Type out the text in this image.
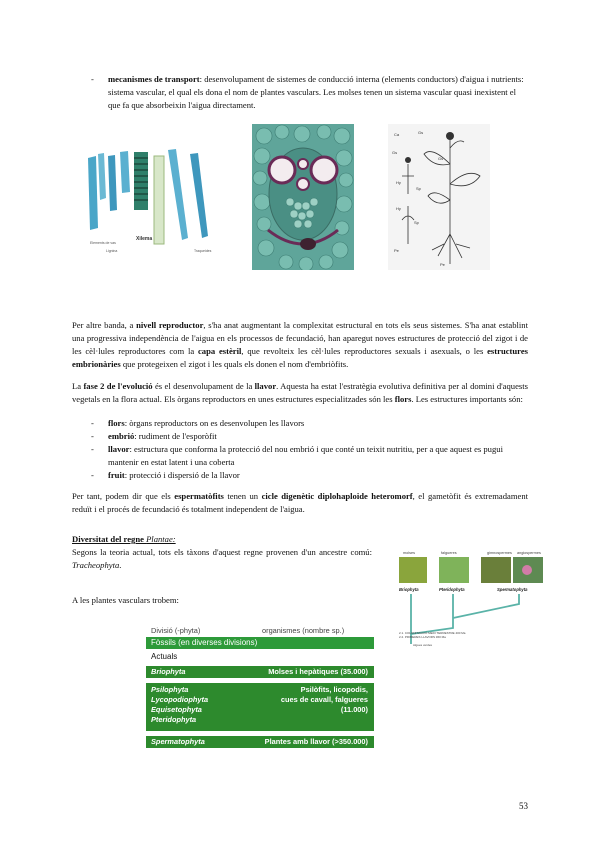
- mecanismes de transport: desenvolupament de sistemes de conducció interna (elements conductors) d'aigua i nutrients: sistema vascular, el qual els dona el nom de plantes vasculars. Les molses tenen un sistema vascular quasi inexistent el que fa que absorbeixin l'aigua directament.
Elements de vas
Lignina
Xilema
Traqueides
Ca	Gs
Gs
Gs
Hy
Sp
Hy
Sp
Pe
Pe
Per altre banda, a nivell reproductor, s'ha anat augmentant la complexitat estructural en tots els seus sistemes. S'ha anat establint una progressiva independència de l'aigua en els processos de fecundació, han aparegut noves estructures de protecció del zigot i de les cèl·lules reproductores com la capa estèril, que revolteix les cèl·lules reproductores sexuals i asexuals, o les estructures embrionàries que protegeixen el zigot i les quals els donen el nom d'embriòfits.
La fase 2 de l'evolució és el desenvolupament de la llavor. Aquesta ha estat l'estratègia evolutiva definitiva per al domini d'aquests vegetals en la flora actual. Els òrgans reproductors en unes estructures especialitzades són les flors. Les estructures importants són:
- flors: òrgans reproductors on es desenvolupen les llavors
- embrió: rudiment de l'esporòfit
- llavor: estructura que conforma la protecció del nou embrió i que conté un teixit nutritiu, per a que aquest es pugui mantenir en estat latent i una coberta
- fruit: protecció i dispersió de la llavor
Per tant, podem dir que els espermatòfits tenen un cicle digenètic diplohaploide heteromorf, el gametòfit és extremadament reduït i el procés de fecundació és totalment independent de l'aigua.
Diversitat del regne Plantae:
Segons la teoria actual, tots els tàxons d'aquest regne provenen d'un ancestre comú: Tracheophyta.
A les plantes vasculars trobem:
molses	falgueres	gimnospermes angiospermes
Briophyta	Pteridophyta	Spermatophyta
2.1. COLONITZACIÓ MEDI TERRESTRE 400 Ma
2.2. PRIMERES LLAVORS 360 Ma
Algues verdes
Divisió (-phyta)	organismes (nombre sp.)
Fòssils (en diverses divisions)
Actuals
Briophyta	Molses i hepàtiques (35.000)
Psilophyta	Psilòfits, licopodis,
Lycopodiophyta	cues de cavall, falgueres
Equisetophyta	(11.000)
Pteridophyta
Spermatophyta	Plantes amb llavor (>350.000)
53
